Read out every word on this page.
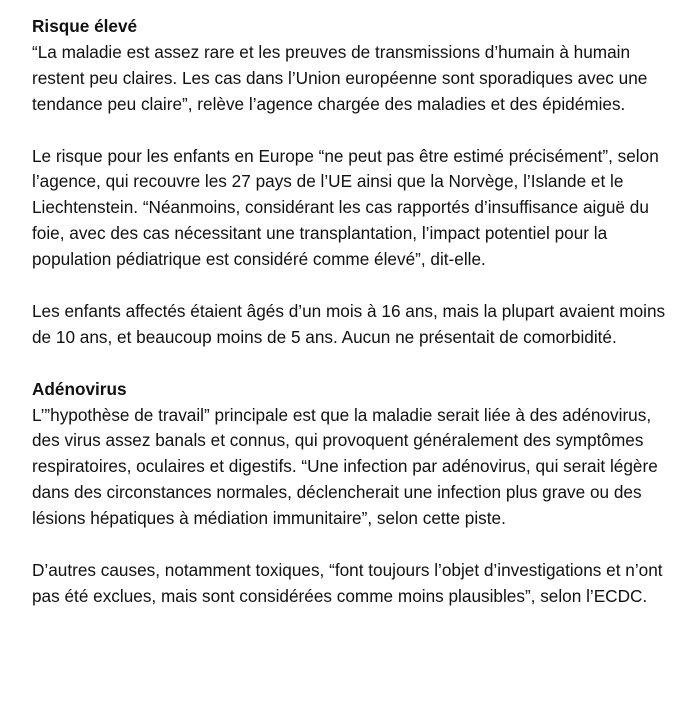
Risque élevé

“La maladie est assez rare et les preuves de transmissions d’humain à humain restent peu claires. Les cas dans l’Union européenne sont sporadiques avec une tendance peu claire”, relève l’agence chargée des maladies et des épidémies.

Le risque pour les enfants en Europe “ne peut pas être estimé précisément”, selon l’agence, qui recouvre les 27 pays de l’UE ainsi que la Norvège, l’Islande et le Liechtenstein. “Néanmoins, considérant les cas rapportés d’insuffisance aiguë du foie, avec des cas nécessitant une transplantation, l’impact potentiel pour la population pédiatrique est considéré comme élevé”, dit-elle.

Les enfants affectés étaient âgés d’un mois à 16 ans, mais la plupart avaient moins de 10 ans, et beaucoup moins de 5 ans. Aucun ne présentait de comorbidité.

Adénovirus

L’”hypothèse de travail” principale est que la maladie serait liée à des adénovirus, des virus assez banals et connus, qui provoquent généralement des symptômes respiratoires, oculaires et digestifs. “Une infection par adénovirus, qui serait légère dans des circonstances normales, déclencherait une infection plus grave ou des lésions hépatiques à médiation immunitaire”, selon cette piste.

D’autres causes, notamment toxiques, “font toujours l’objet d’investigations et n’ont pas été exclues, mais sont considérées comme moins plausibles”, selon l’ECDC.
